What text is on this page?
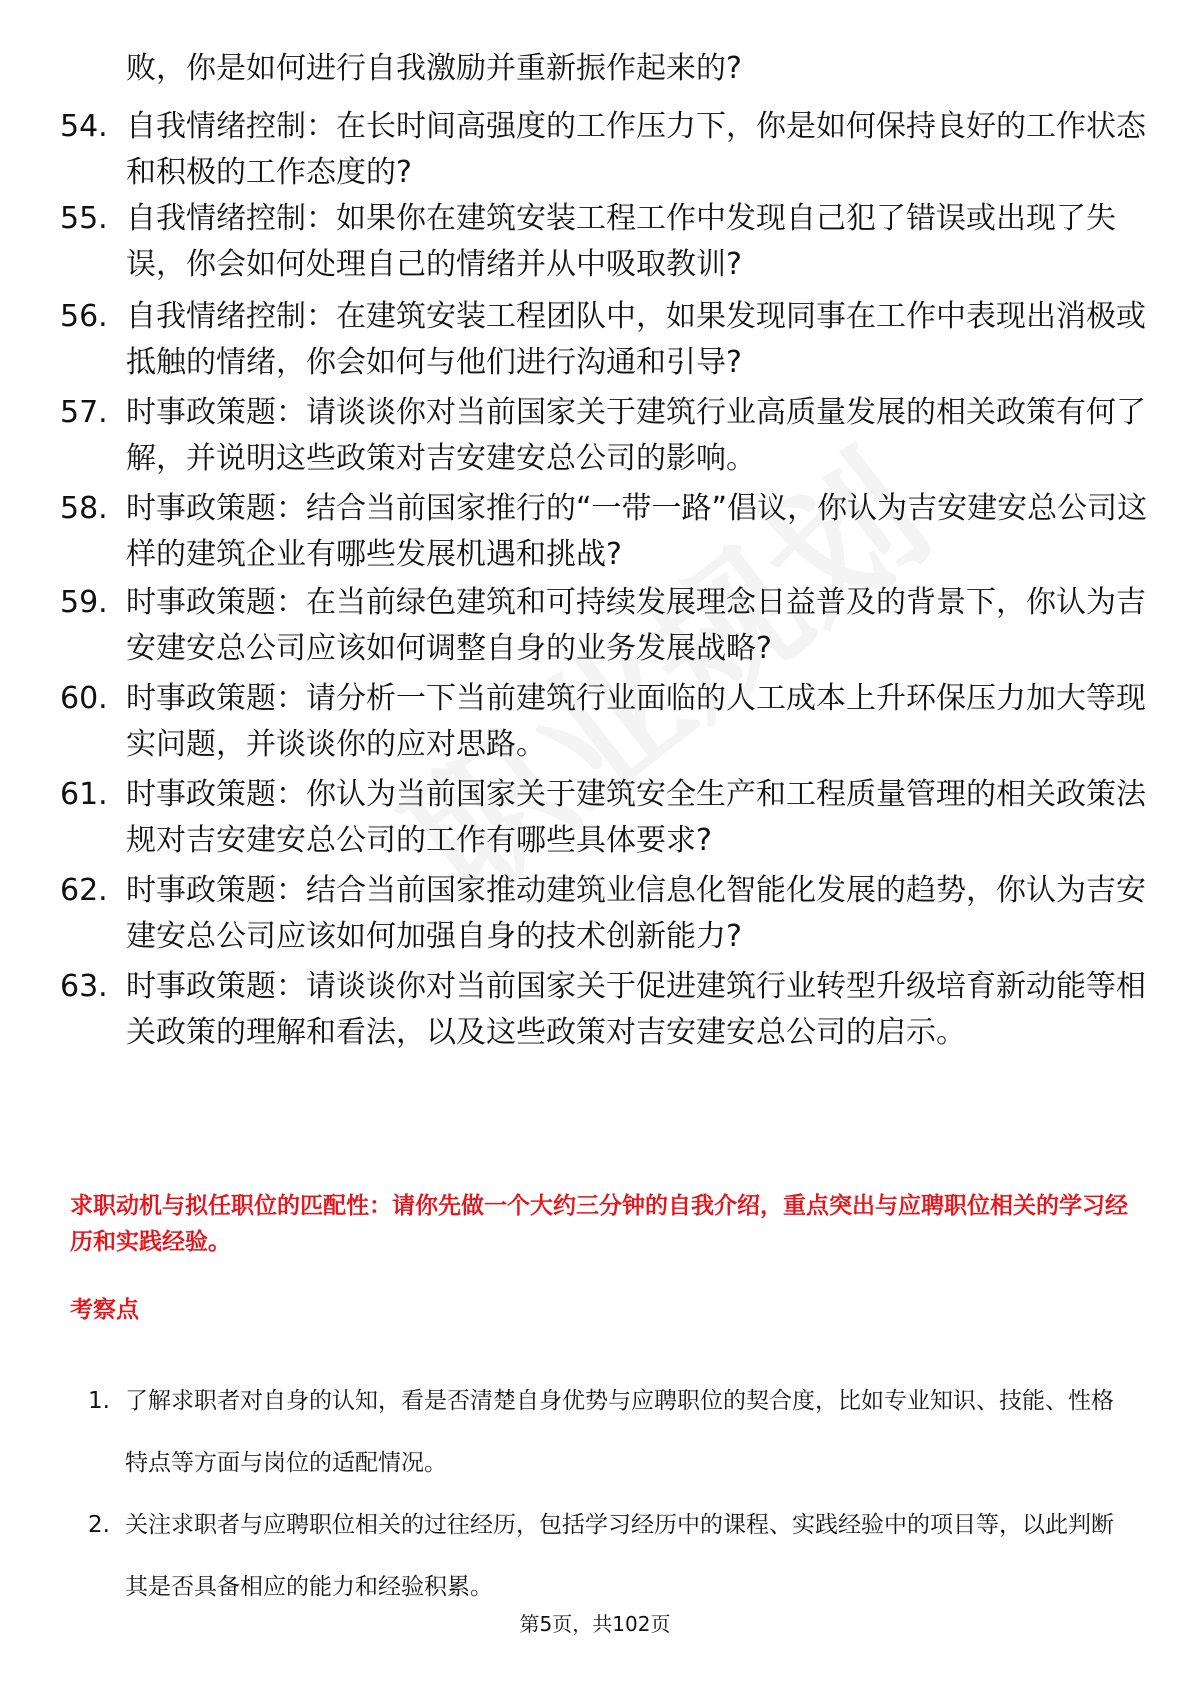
败，你是如何进行自我激励并重新振作起来的?
54. 自我情绪控制：在长时间高强度的工作压力下，你是如何保持良好的工作状态和积极的工作态度的?
55. 自我情绪控制：如果你在建筑安装工程工作中发现自己犯了错误或出现了失误，你会如何处理自己的情绪并从中吸取教训?
56. 自我情绪控制：在建筑安装工程团队中，如果发现同事在工作中表现出消极或抵触的情绪，你会如何与他们进行沟通和引导?
57. 时事政策题：请谈谈你对当前国家关于建筑行业高质量发展的相关政策有何了解，并说明这些政策对吉安建安总公司的影响。
58. 时事政策题：结合当前国家推行的“一带一路”倡议，你认为吉安建安总公司这样的建筑企业有哪些发展机遇和挑战?
59. 时事政策题：在当前绿色建筑和可持续发展理念日益普及的背景下，你认为吉安建安总公司应该如何调整自身的业务发展战略?
60. 时事政策题：请分析一下当前建筑行业面临的人工成本上升环保压力加大等现实问题，并谈谈你的应对思路。
61. 时事政策题：你认为当前国家关于建筑安全生产和工程质量管理的相关政策法规对吉安建安总公司的工作有哪些具体要求?
62. 时事政策题：结合当前国家推动建筑业信息化智能化发展的趋势，你认为吉安建安总公司应该如何加强自身的技术创新能力?
63. 时事政策题：请谈谈你对当前国家关于促进建筑行业转型升级培育新动能等相关政策的理解和看法，以及这些政策对吉安建安总公司的启示。
求职动机与拟任职位的匹配性：请你先做一个大约三分钟的自我介绍，重点突出与应聘职位相关的学习经历和实践经验。
考察点
1. 了解求职者对自身的认知，看是否清楚自身优势与应聘职位的契合度，比如专业知识、技能、性格特点等方面与岗位的适配情况。
2. 关注求职者与应聘职位相关的过往经历，包括学习经历中的课程、实践经验中的项目等，以此判断其是否具备相应的能力和经验积累。
第5页，共102页
